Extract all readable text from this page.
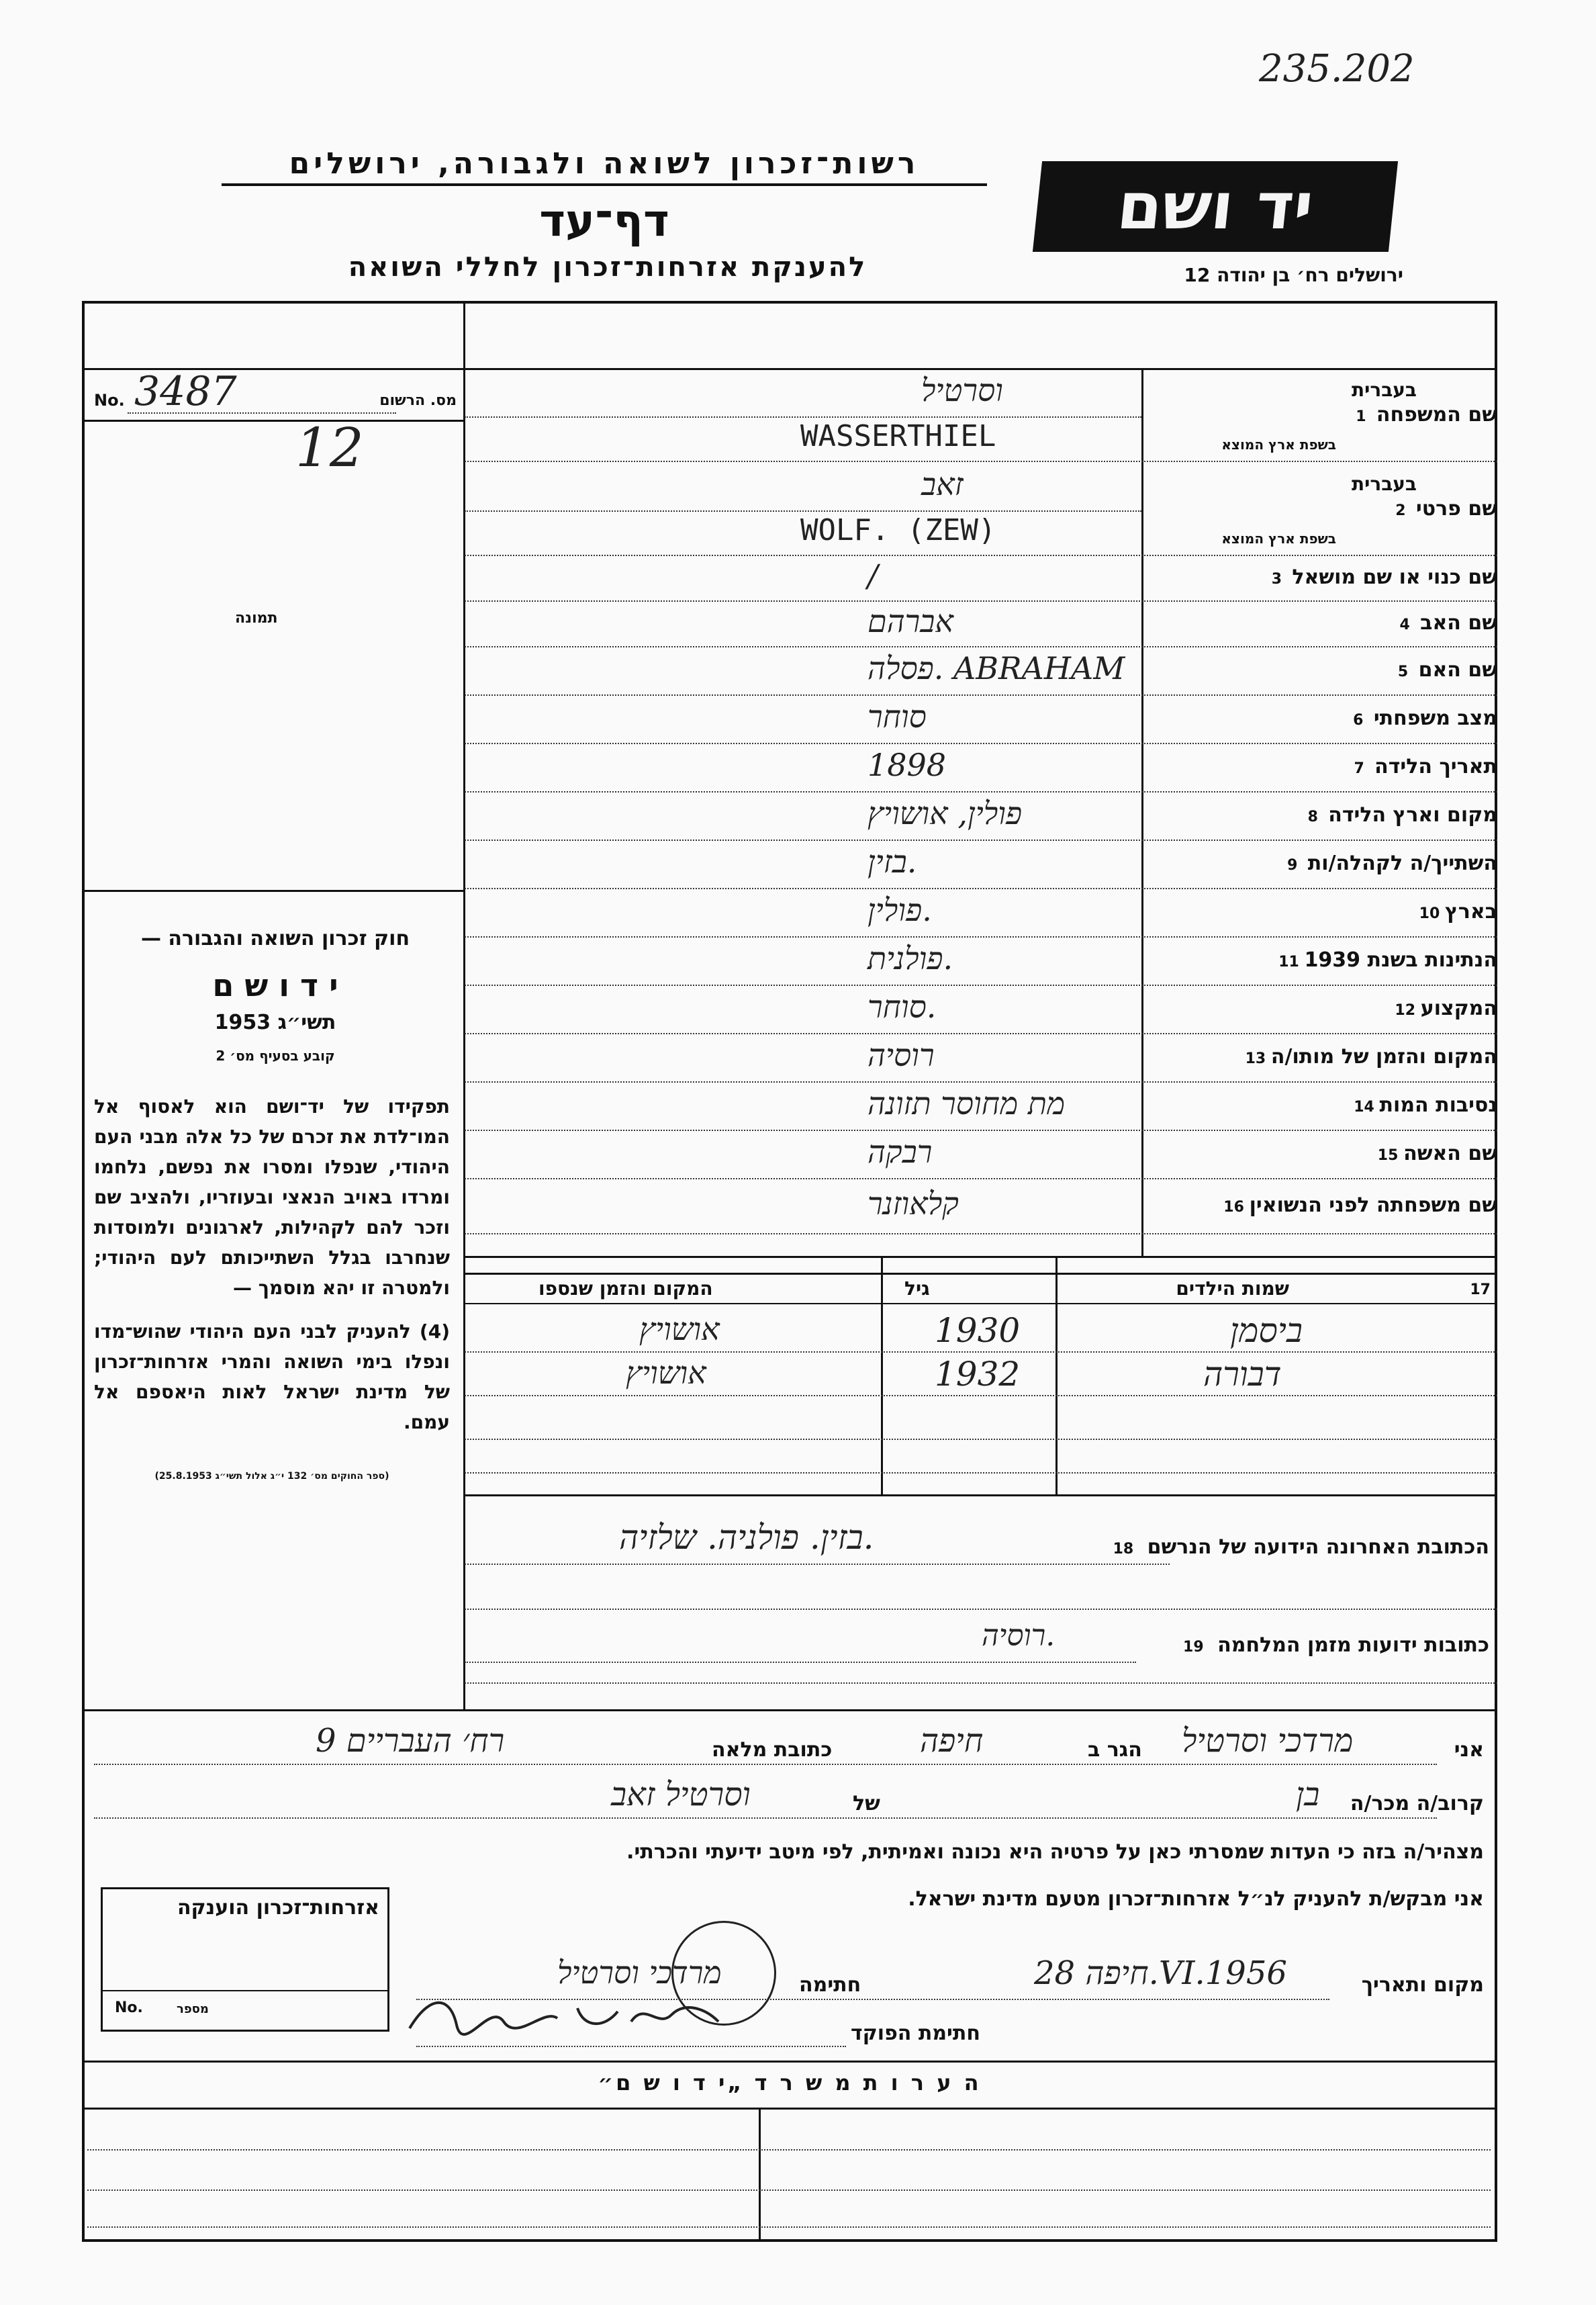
235.202
רשות־זכרון לשואה ולגבורה, ירושלים
דף־עד
להענקת אזרחות־זכרון לחללי השואה
יד ושם
ירושלים רח׳ בן יהודה 12
No. 3487	מס. הרשום
12
תמונה
חוק זכרון השואה והגבורה —
י ד ו ש ם
תשי״ג 1953
קובע בסעיף מס׳ 2
תפקידו של יד־ושם הוא לאסוף אל המו־לדת את זכרם של כל אלה מבני העם היהודי, שנפלו ומסרו את נפשם, נלחמו ומרדו באויב הנאצי ובעוזריו, ולהציב שם וזכר להם לקהילות, לארגונים ולמוסדות שנחרבו בגלל השתייכותם לעם היהודי; ולמטרה זו יהא מוסמך —
(4) להעניק לבני העם היהודי שהוש־מדו ונפלו בימי השואה והמרי אזרחות־זכרון של מדינת ישראל לאות היאספם אל עמם.
(ספר החוקים מס׳ 132 י״ג אלול תשי״ג 25.8.1953)
שם המשפחה1
בעברית
בשפת ארץ המוצא
וסרטיל
WASSERTHIEL
שם פרטי2
בעברית
בשפת ארץ המוצא
זאב
WOLF. (ZEW)
שם כנוי או שם מושאל3
/
שם האב4
אברהם
שם האם5
פסלה. ABRAHAM
מצב משפחתי6
סוחר
תאריך הלידה7
1898
מקום וארץ הלידה8
פולין, אושויץ
השתייך/ה לקהלה/ות9
בזין.
בארץ10
פולין.
הנתינות בשנת 193911
פולנית.
המקצוע12
סוחר.
המקום והזמן של מותו/ה13
רוסיה
נסיבות המות14
מת מחוסר תזונה
שם האשה15
רבקה
שם משפחתה לפני הנשואין16
קלאוזנר
17
שמות הילדים
גיל
המקום והזמן שנספו
ביסמן
1930
אושויץ
דבורה
1932
אושויץ
הכתובת האחרונה הידועה של הנרשם 18
בזין. פולניה. שלזיה.
כתובות ידועות מזמן המלחמה 19
רוסיה.
אני
מרדכי וסרטיל
הגר ב
חיפה
כתובת מלאה
רח׳ העבריים 9
קרוב/ה מכר/ה
בן
של
וסרטיל זאב
מצהיר/ה בזה כי העדות שמסרתי כאן על פרטיה היא נכונה ואמיתית, לפי מיטב ידיעתי והכרתי.
אני מבקש/ת להעניק לנ״ל אזרחות־זכרון מטעם מדינת ישראל.
אזרחות־זכרון הוענקה
מספר
No.
מקום ותאריך
חיפה 28.VI.1956
חתימה
מרדכי וסרטיל
חתימת הפוקד
ה ע ר ו ת מ ש ר ד „י ד ו ש ם״
